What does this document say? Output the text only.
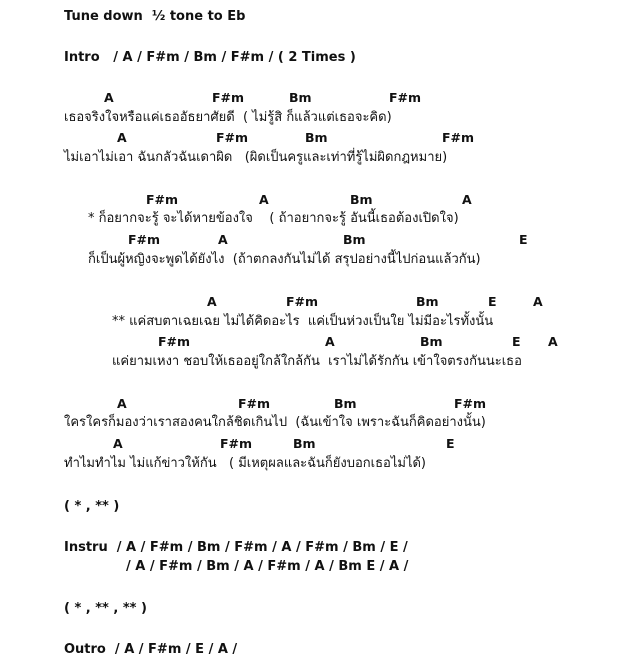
Tune down  ½ tone to Eb
Intro   / A / F#m / Bm / F#m / ( 2 Times )
A	F#m	Bm	F#m
เธอจริงใจหรือแค่เธออัธยาศัยดี  ( ไม่รู้สิ ก็แล้วแต่เธอจะคิด)
A	F#m	Bm	F#m
ไม่เอาไม่เอา ฉันกลัวฉันเดาผิด   (ผิดเป็นครูและเท่าที่รู้ไม่ผิดกฎหมาย)
F#m	A	Bm	A
* ก็อยากจะรู้ จะได้หายข้องใจ    ( ถ้าอยากจะรู้ อันนี้เธอต้องเปิดใจ)
F#m	A	Bm	E
ก็เป็นผู้หญิงจะพูดได้ยังไง  (ถ้าตกลงกันไม่ได้ สรุปอย่างนี้ไปก่อนแล้วกัน)
A	F#m	Bm	E	A
** แค่สบตาเฉยเฉย ไม่ได้คิดอะไร  แค่เป็นห่วงเป็นใย ไม่มีอะไรทั้งนั้น
F#m	A	Bm	E A
แค่ยามเหงา ชอบให้เธออยู่ใกล้ใกล้กัน  เราไม่ได้รักกัน เข้าใจตรงกันนะเธอ
A	F#m	Bm	F#m
ใครใครก็มองว่าเราสองคนใกล้ชิดเกินไป  (ฉันเข้าใจ เพราะฉันก็คิดอย่างนั้น)
A	F#m	Bm	E
ทำไมทำไม ไม่แก้ข่าวให้กัน   ( มีเหตุผลและฉันก็ยังบอกเธอไม่ได้)
( * , ** )
Instru  / A / F#m / Bm / F#m / A / F#m / Bm / E /
/ A / F#m / Bm / A / F#m / A / Bm E / A /
( * , ** , ** )
Outro  / A / F#m / E / A /
